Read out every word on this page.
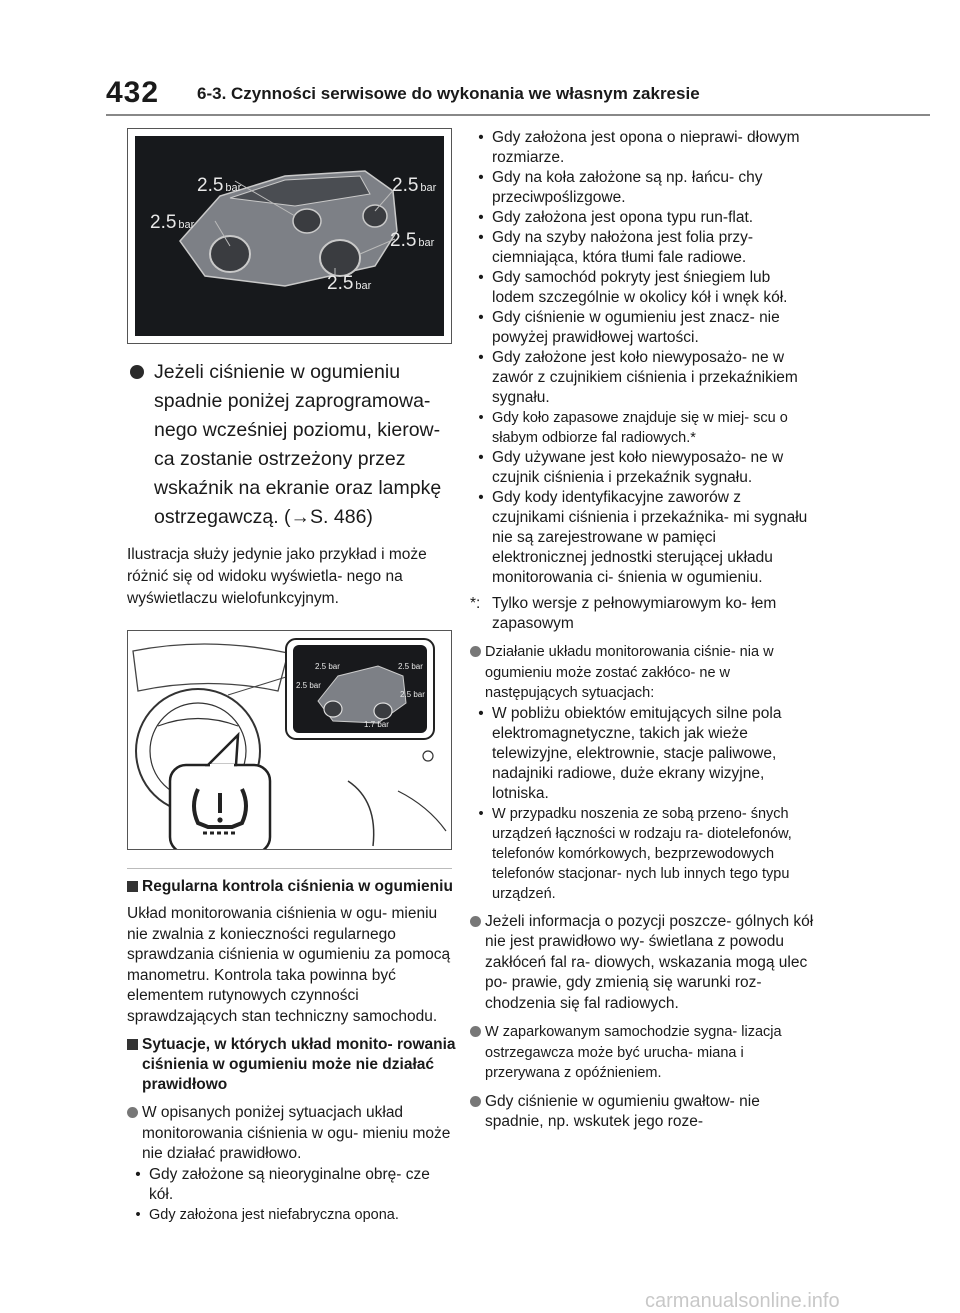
432 6-3. Czynności serwisowe do wykonania we własnym zakresie
2.5 bar
2.5 bar
2.5 bar
2.5 bar
2.5 bar
Jeżeli ciśnienie w ogumieniu spadnie poniżej zaprogramowa- nego wcześniej poziomu, kierow- ca zostanie ostrzeżony przez wskaźnik na ekranie oraz lampkę ostrzegawczą. (→S. 486)
Ilustracja służy jedynie jako przykład i może różnić się od widoku wyświetla- nego na wyświetlaczu wielofunkcyjnym.
2.5 bar
2.5 bar
2.5 bar
2.5 bar
1.7 bar
Regularna kontrola ciśnienia w ogumieniu
Układ monitorowania ciśnienia w ogu- mieniu nie zwalnia z konieczności regularnego sprawdzania ciśnienia w ogumieniu za pomocą manometru. Kontrola taka powinna być elementem rutynowych czynności sprawdzających stan techniczny samochodu.
Sytuacje, w których układ monito- rowania ciśnienia w ogumieniu może nie działać prawidłowo
W opisanych poniżej sytuacjach układ monitorowania ciśnienia w ogu- mieniu może nie działać prawidłowo.
• Gdy założone są nieoryginalne obrę- cze kół.
• Gdy założona jest niefabryczna opona.
• Gdy założona jest opona o nieprawi- dłowym rozmiarze.
• Gdy na koła założone są np. łańcu- chy przeciwpoślizgowe.
• Gdy założona jest opona typu run-flat.
• Gdy na szyby nałożona jest folia przy- ciemniająca, która tłumi fale radiowe.
• Gdy samochód pokryty jest śniegiem lub lodem szczególnie w okolicy kół i wnęk kół.
• Gdy ciśnienie w ogumieniu jest znacz- nie powyżej prawidłowej wartości.
• Gdy założone jest koło niewyposażo- ne w zawór z czujnikiem ciśnienia i przekaźnikiem sygnału.
• Gdy koło zapasowe znajduje się w miej- scu o słabym odbiorze fal radiowych.*
• Gdy używane jest koło niewyposażo- ne w czujnik ciśnienia i przekaźnik sygnału.
• Gdy kody identyfikacyjne zaworów z czujnikami ciśnienia i przekaźnika- mi sygnału nie są zarejestrowane w pamięci elektronicznej jednostki sterującej układu monitorowania ci- śnienia w ogumieniu.
*: Tylko wersje z pełnowymiarowym ko- łem zapasowym
Działanie układu monitorowania ciśnie- nia w ogumieniu może zostać zakłóco- ne w następujących sytuacjach:
• W pobliżu obiektów emitujących silne pola elektromagnetyczne, takich jak wieże telewizyjne, elektrownie, stacje paliwowe, nadajniki radiowe, duże ekrany wizyjne, lotniska.
• W przypadku noszenia ze sobą przeno- śnych urządzeń łączności w rodzaju ra- diotelefonów, telefonów komórkowych, bezprzewodowych telefonów stacjonar- nych lub innych tego typu urządzeń.
Jeżeli informacja o pozycji poszcze- gólnych kół nie jest prawidłowo wy- świetlana z powodu zakłóceń fal ra- diowych, wskazania mogą ulec po- prawie, gdy zmienią się warunki roz- chodzenia się fal radiowych.
W zaparkowanym samochodzie sygna- lizacja ostrzegawcza może być urucha- miana i przerywana z opóźnieniem.
Gdy ciśnienie w ogumieniu gwałtow- nie spadnie, np. wskutek jego roze-
carmanualsonline.info
